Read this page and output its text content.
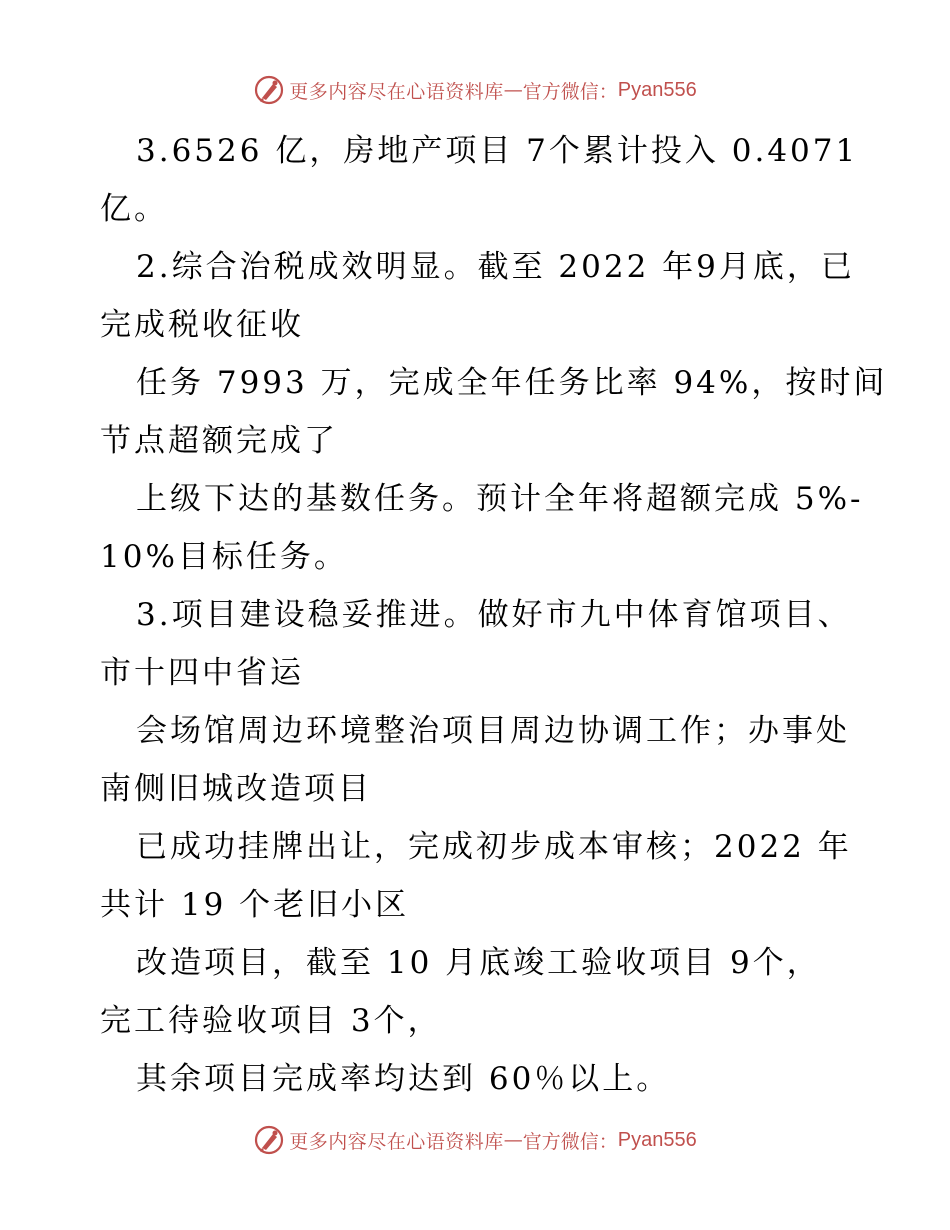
更多内容尽在心语资料库 — 官方微信： Pyan556
3.6526 亿，房地产项目 7个累计投入 0.4071
亿。
2.综合治税成效明显。截至 2022 年9月底，已
完成税收征收
任务 7993 万，完成全年任务比率 94%，按时间
节点超额完成了
上级下达的基数任务。预计全年将超额完成 5%-
10%目标任务。
3.项目建设稳妥推进。做好市九中体育馆项目、
市十四中省运
会场馆周边环境整治项目周边协调工作；办事处
南侧旧城改造项目
已成功挂牌出让，完成初步成本审核；2022 年
共计 19 个老旧小区
改造项目，截至 10 月底竣工验收项目 9个，
完工待验收项目 3个，
其余项目完成率均达到 60％以上。
更多内容尽在心语资料库 — 官方微信： Pyan556
